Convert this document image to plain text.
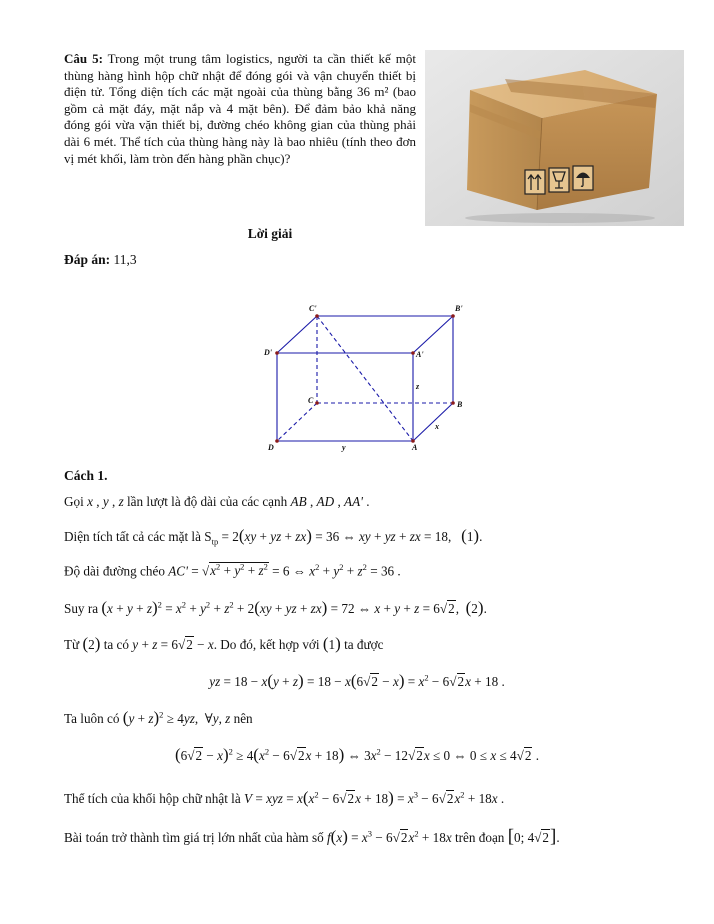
Câu 5: Trong một trung tâm logistics, người ta cần thiết kế một thùng hàng hình hộp chữ nhật để đóng gói và vận chuyển thiết bị điện tử. Tổng diện tích các mặt ngoài của thùng bằng 36 m² (bao gồm cả mặt đáy, mặt nắp và 4 mặt bên). Để đảm bảo khả năng đóng gói vừa vặn thiết bị, đường chéo không gian của thùng phải dài 6 mét. Thể tích của thùng hàng này là bao nhiêu (tính theo đơn vị mét khối, làm tròn đến hàng phần chục)?
Lời giải
Đáp án: 11,3
C'	B'
D'	A'
C	B
D	A
z
x
y
Cách 1.
Gọi x , y , z lần lượt là độ dài của các cạnh AB , AD , AA' .
Diện tích tất cả các mặt là $S_{tp} = 2(xy$ + yz + zx) = 36 ⇔ xy + yz + zx = 18,   (1).
Độ dài đường chéo $AC' = √x^2 + y^2 + z^2 = 6$ ⇔ $x^2 + y^2 + z^2 = 36$ .
Suy ra $(x + y + z)^2 = x^2 + y^2 + z^2 + 2(xy$ + yz + zx) = 72 ⇔ x + y + z = 6√2,  (2).
Từ (2) ta có y + z = 6√2 − x. Do đó, kết hợp với (1) ta được
yz = $18 - x(y + z) = 18 - x(6√2 - x) = x^2 - 6√2x + 18$ .
Ta luôn có $(y + z)^2 \ge 4yz$,  ∀y, z nên
$(6√2 - x)^2 \ge 4(x^2 - 6√2x + 18)$ ⇔ $3x^2 - 12√2x \le 0$ ⇔ 0 ≤ x ≤ 4√2 .
Thể tích của khối hộp chữ nhật là V = xyz = $x(x^2 - 6√2x + 18) = x^3 - 6√2x^2 + 18x$ .
Bài toán trở thành tìm giá trị lớn nhất của hàm số $f(x) = x^3 - 6√2x^2 + 18x$ trên đoạn [0; 4√2].
